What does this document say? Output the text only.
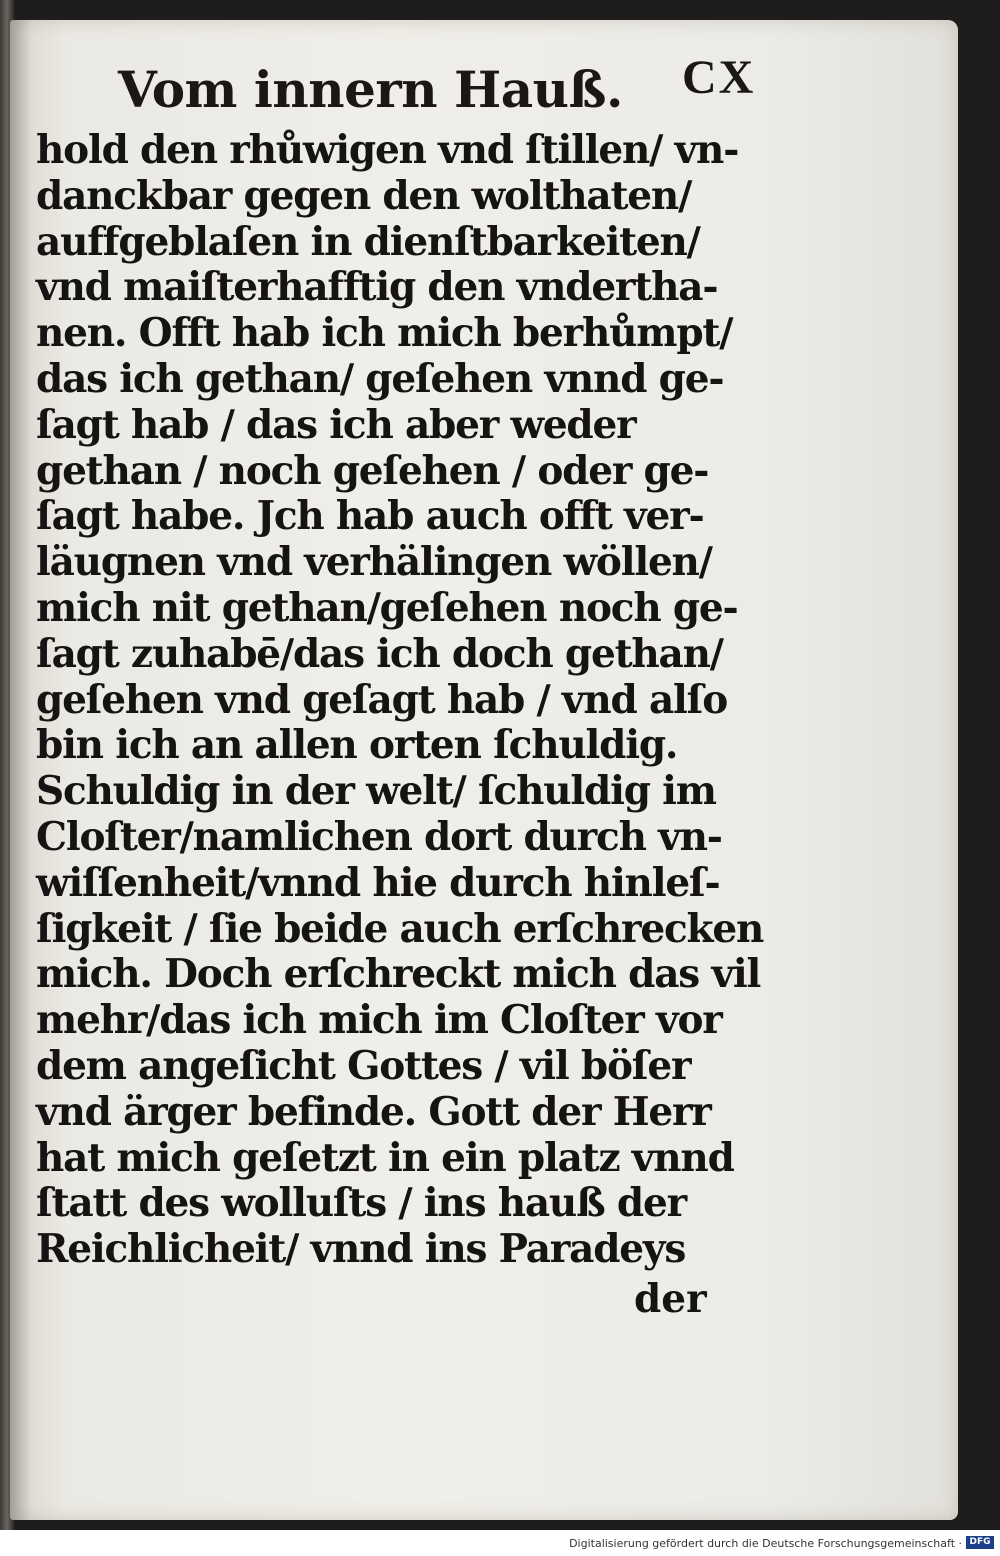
Vom innern Hauß. CX
hold den rhůwigen vnd ſtillen/ vn‑
danckbar gegen den wolthaten/
auffgeblaſen in dienſtbarkeiten/
vnd maiſterhafftig den vndertha‑
nen. Offt hab ich mich berhůmpt/
das ich gethan/ geſehen vnnd ge‑
ſagt hab / das ich aber weder
gethan / noch geſehen / oder ge‑
ſagt habe. Jch hab auch offt ver‑
läugnen vnd verhälingen wöllen/
mich nit gethan/geſehen noch ge‑
ſagt zuhabē/das ich doch gethan/
geſehen vnd geſagt hab / vnd alſo
bin ich an allen orten ſchuldig.
Schuldig in der welt/ ſchuldig im
Cloſter/namlichen dort durch vn‑
wiſſenheit/vnnd hie durch hinleſ‑
ſigkeit / ſie beide auch erſchrecken
mich. Doch erſchreckt mich das vil
mehr/das ich mich im Cloſter vor
dem angeſicht Gottes / vil böſer
vnd ärger befinde. Gott der Herr
hat mich geſetzt in ein platz vnnd
ſtatt des wolluſts / ins hauß der
Reichlicheit/ vnnd ins Paradeys
der
Digitalisierung gefördert durch die Deutsche Forschungsgemeinschaft · DFG
